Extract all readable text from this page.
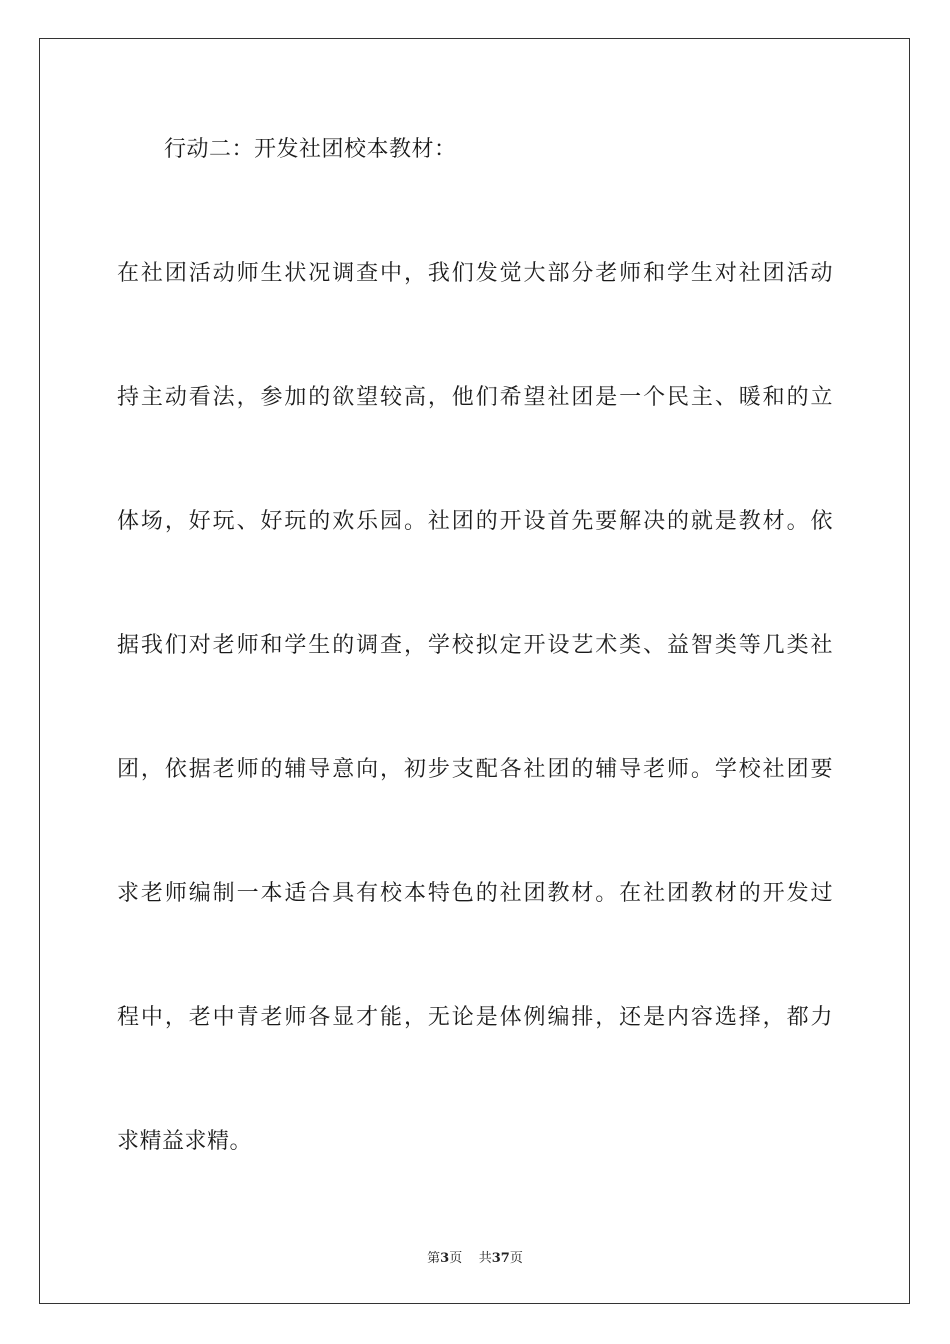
行动二：开发社团校本教材：
在社团活动师生状况调查中，我们发觉大部分老师和学生对社团活动
持主动看法，参加的欲望较高，他们希望社团是一个民主、暖和的立
体场，好玩、好玩的欢乐园。社团的开设首先要解决的就是教材。依
据我们对老师和学生的调查，学校拟定开设艺术类、益智类等几类社
团，依据老师的辅导意向，初步支配各社团的辅导老师。学校社团要
求老师编制一本适合具有校本特色的社团教材。在社团教材的开发过
程中，老中青老师各显才能，无论是体例编排，还是内容选择，都力
求精益求精。
第3页 共37页
